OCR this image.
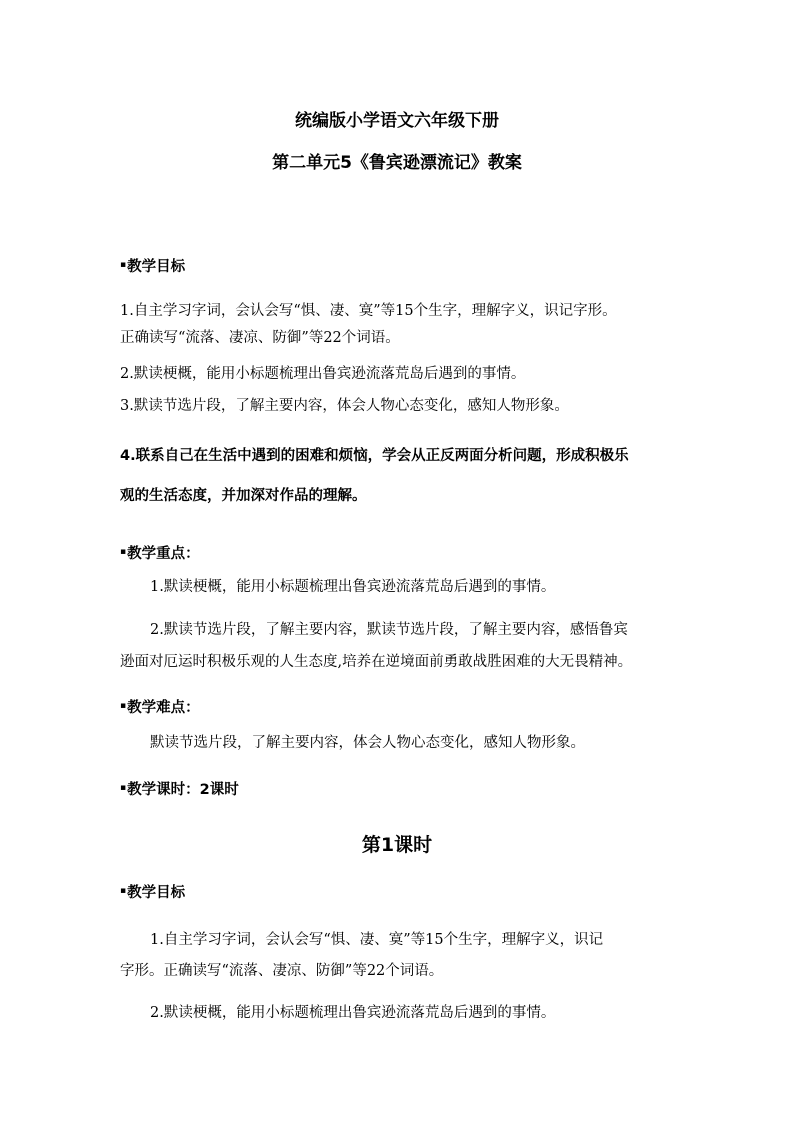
统编版小学语文六年级下册
第二单元5《鲁宾逊漂流记》教案
▪教学目标
1.自主学习字词，会认会写“惧、凄、寞”等15个生字，理解字义，识记字形。
正确读写“流落、凄凉、防御”等22个词语。
2.默读梗概，能用小标题梳理出鲁宾逊流落荒岛后遇到的事情。
3.默读节选片段，了解主要内容，体会人物心态变化，感知人物形象。
4.联系自己在生活中遇到的困难和烦恼，学会从正反两面分析问题，形成积极乐
观的生活态度，并加深对作品的理解。
▪教学重点：
1.默读梗概，能用小标题梳理出鲁宾逊流落荒岛后遇到的事情。
2.默读节选片段，了解主要内容，默读节选片段，了解主要内容，感悟鲁宾
逊面对厄运时积极乐观的人生态度,培养在逆境面前勇敢战胜困难的大无畏精神。
▪教学难点：
默读节选片段，了解主要内容，体会人物心态变化，感知人物形象。
▪教学课时：2课时
第1课时
▪教学目标
1.自主学习字词，会认会写“惧、凄、寞”等15个生字，理解字义，识记
字形。正确读写“流落、凄凉、防御”等22个词语。
2.默读梗概，能用小标题梳理出鲁宾逊流落荒岛后遇到的事情。
